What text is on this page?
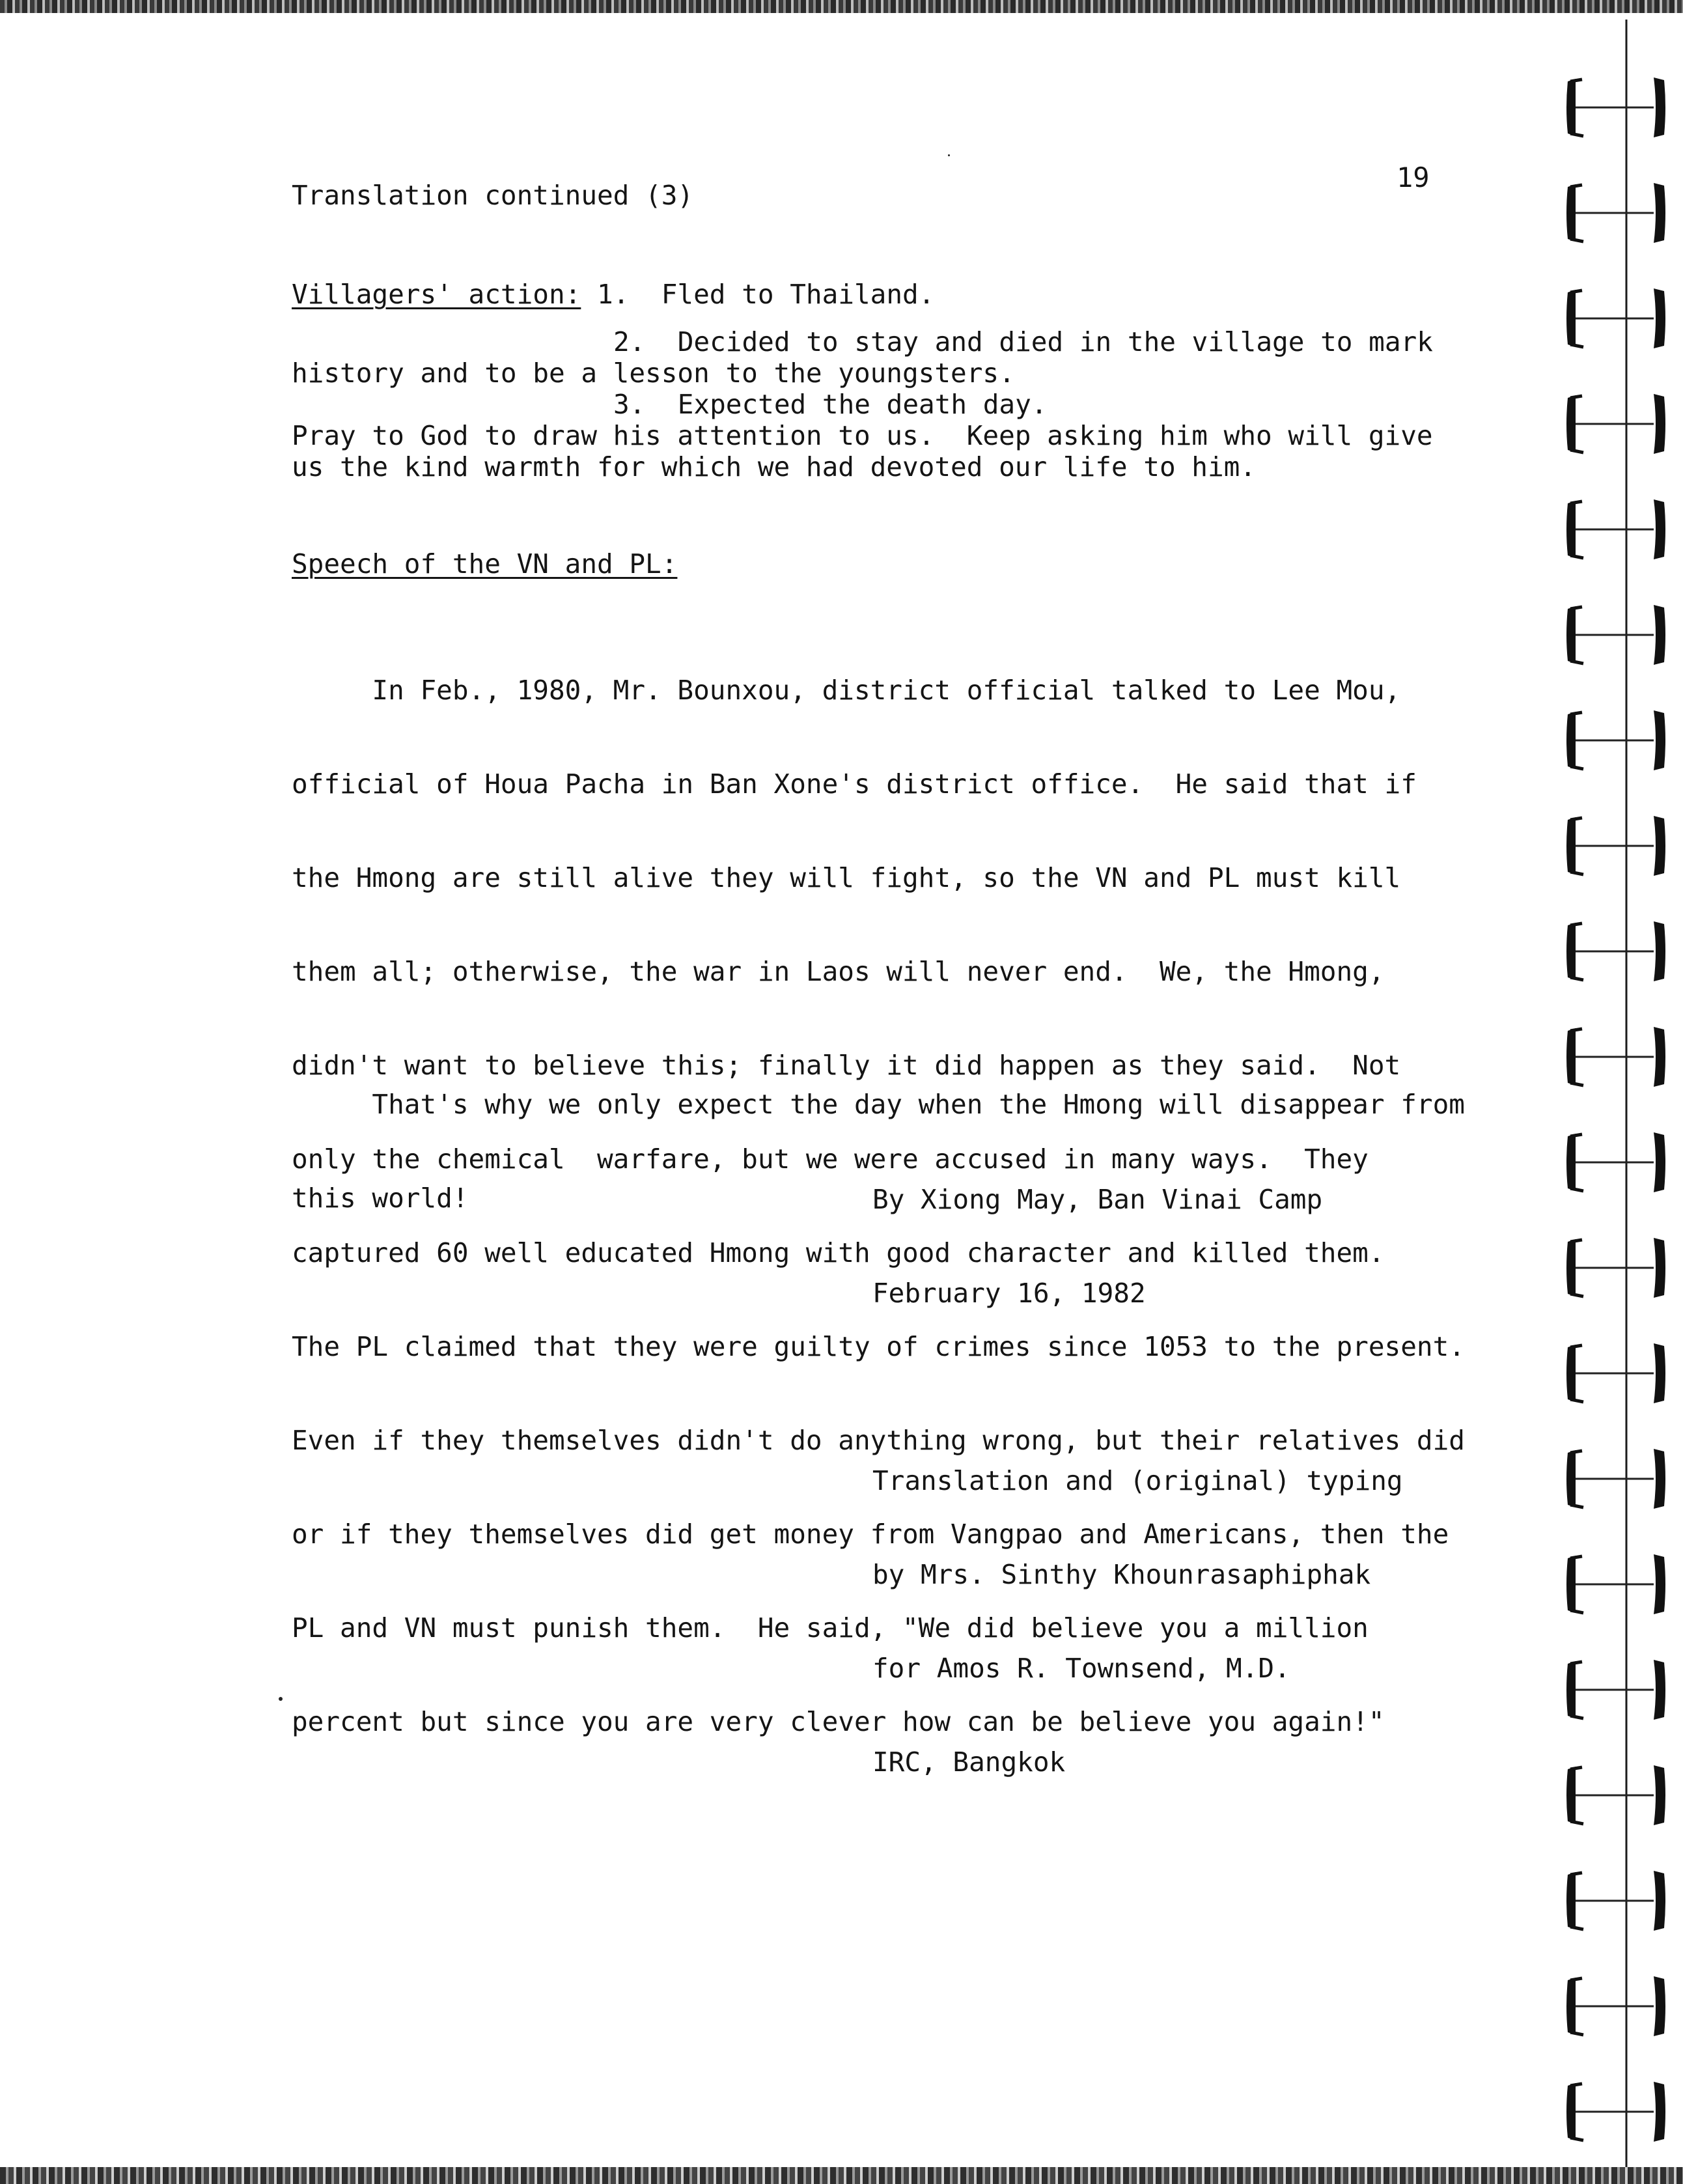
19

Translation continued (3)

Villagers' action: 1.  Fled to Thailand.

2.  Decided to stay and died in the village to mark

history and to be a lesson to the youngsters.

3.  Expected the death day.

Pray to God to draw his attention to us.  Keep asking him who will give

us the kind warmth for which we had devoted our life to him.

Speech of the VN and PL:

In Feb., 1980, Mr. Bounxou, district official talked to Lee Mou,

official of Houa Pacha in Ban Xone's district office.  He said that if

the Hmong are still alive they will fight, so the VN and PL must kill

them all; otherwise, the war in Laos will never end.  We, the Hmong,

didn't want to believe this; finally it did happen as they said.  Not

only the chemical  warfare, but we were accused in many ways.  They

captured 60 well educated Hmong with good character and killed them.

The PL claimed that they were guilty of crimes since 1053 to the present.

Even if they themselves didn't do anything wrong, but their relatives did

or if they themselves did get money from Vangpao and Americans, then the

PL and VN must punish them.  He said, "We did believe you a million

percent but since you are very clever how can be believe you again!"

That's why we only expect the day when the Hmong will disappear from

this world!

	By Xiong May, Ban Vinai Camp

February 16, 1982

Translation and (original) typing

by Mrs. Sinthy Khounrasaphiphak

for Amos R. Townsend, M.D.

IRC, Bangkok
